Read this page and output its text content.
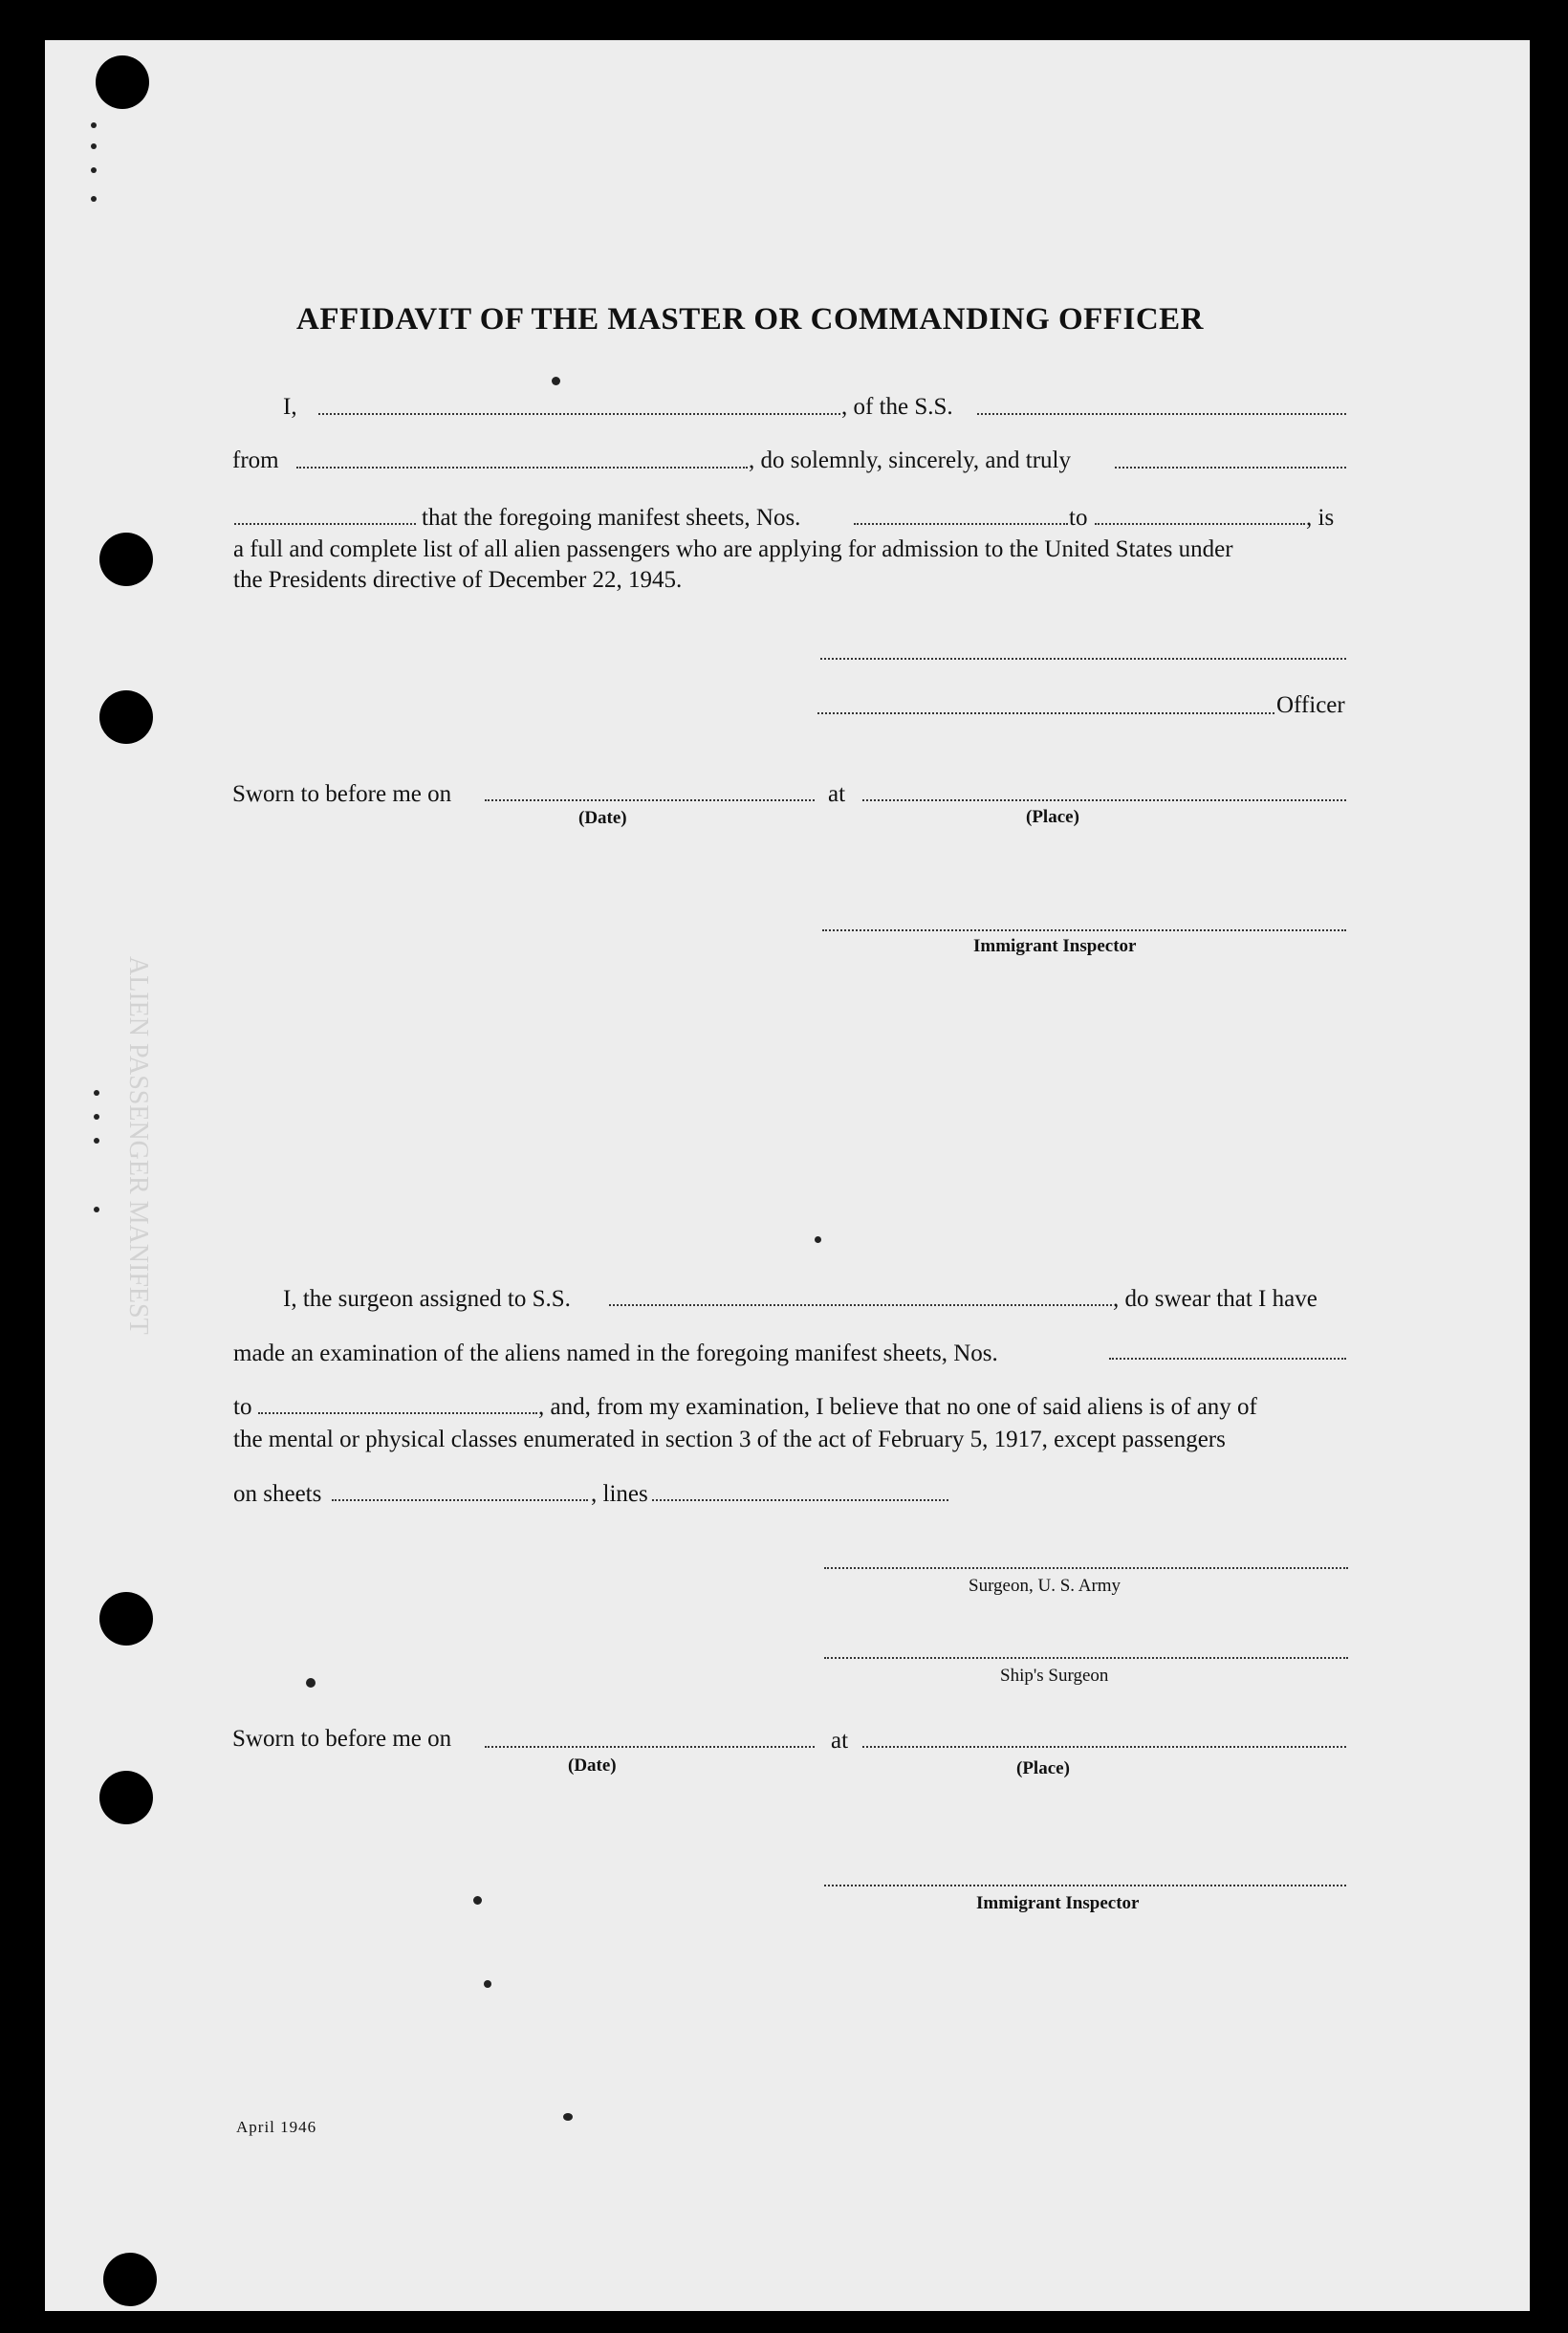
ALIEN PASSENGER MANIFEST
AFFIDAVIT OF THE MASTER OR COMMANDING OFFICER
I,	, of the S.S.
from	, do solemnly, sincerely, and truly
that the foregoing manifest sheets, Nos.	to	, is
a full and complete list of all alien passengers who are applying for admission to the United States under
the Presidents directive of December 22, 1945.
Officer
Sworn to before me on	at
(Date)	(Place)
Immigrant Inspector
I, the surgeon assigned to S.S.	, do swear that I have
made an examination of the aliens named in the foregoing manifest sheets, Nos.
to	, and, from my examination, I believe that no one of said aliens is of any of
the mental or physical classes enumerated in section 3 of the act of February 5, 1917, except passengers
on sheets	, lines
Surgeon, U. S. Army
Ship's Surgeon
Sworn to before me on	at
(Date)	(Place)
Immigrant Inspector
April 1946
